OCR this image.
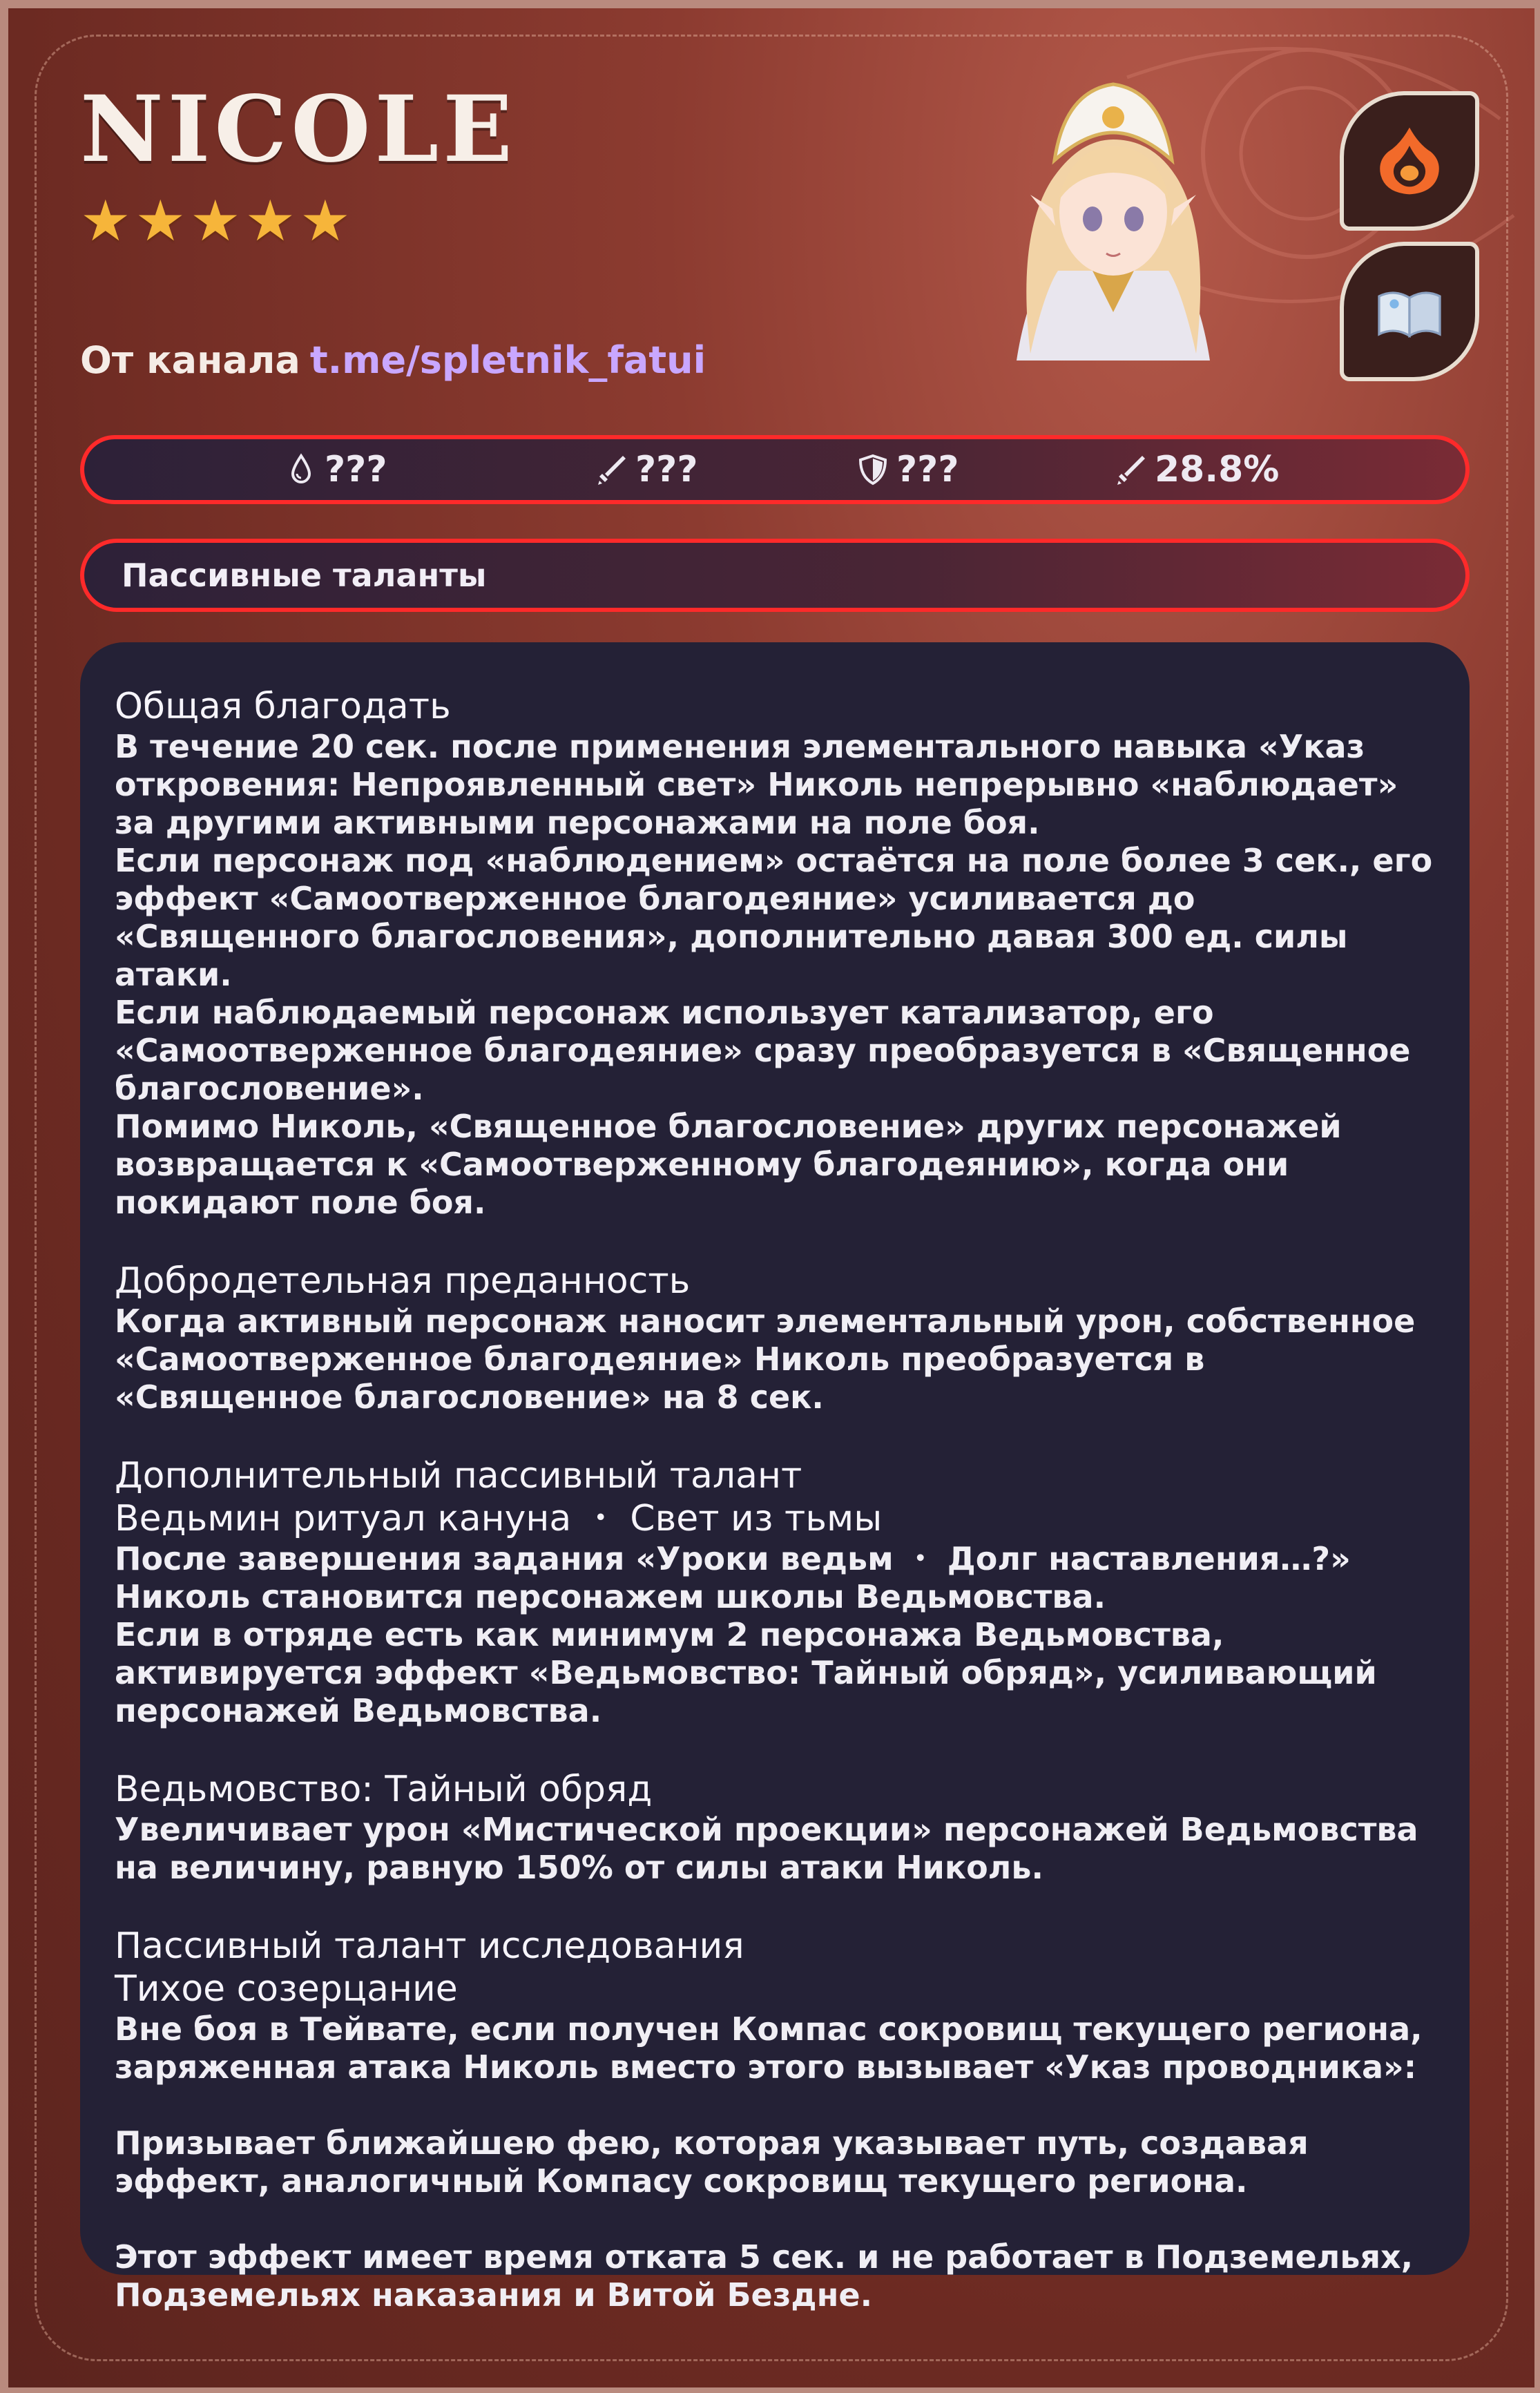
NICOLE
★ ★ ★ ★ ★
От канала t.me/spletnik_fatui
???	???	???	28.8%
Пассивные таланты

Общая благодать

В течение 20 сек. после применения элементального навыка «Указ откровения: Непроявленный свет» Николь непрерывно «наблюдает» за другими активными персонажами на поле боя.

Если персонаж под «наблюдением» остаётся на поле более 3 сек., его эффект «Самоотверженное благодеяние» усиливается до «Священного благословения», дополнительно давая 300 ед. силы атаки.

Если наблюдаемый персонаж использует катализатор, его «Самоотверженное благодеяние» сразу преобразуется в «Священное благословение».

Помимо Николь, «Священное благословение» других персонажей возвращается к «Самоотверженному благодеянию», когда они покидают поле боя.

Добродетельная преданность

Когда активный персонаж наносит элементальный урон, собственное «Самоотверженное благодеяние» Николь преобразуется в «Священное благословение» на 8 сек.

Дополнительный пассивный талант

Ведьмин ритуал кануна ・ Свет из тьмы

После завершения задания «Уроки ведьм ・ Долг наставления…?» Николь становится персонажем школы Ведьмовства.

Если в отряде есть как минимум 2 персонажа Ведьмовства, активируется эффект «Ведьмовство: Тайный обряд», усиливающий персонажей Ведьмовства.

Ведьмовство: Тайный обряд

Увеличивает урон «Мистической проекции» персонажей Ведьмовства на величину, равную 150% от силы атаки Николь.

Пассивный талант исследования

Тихое созерцание

Вне боя в Тейвате, если получен Компас сокровищ текущего региона, заряженная атака Николь вместо этого вызывает «Указ проводника»:

Призывает ближайшею фею, которая указывает путь, создавая эффект, аналогичный Компасу сокровищ текущего региона.

Этот эффект имеет время отката 5 сек. и не работает в Подземельях, Подземельях наказания и Витой Бездне.
